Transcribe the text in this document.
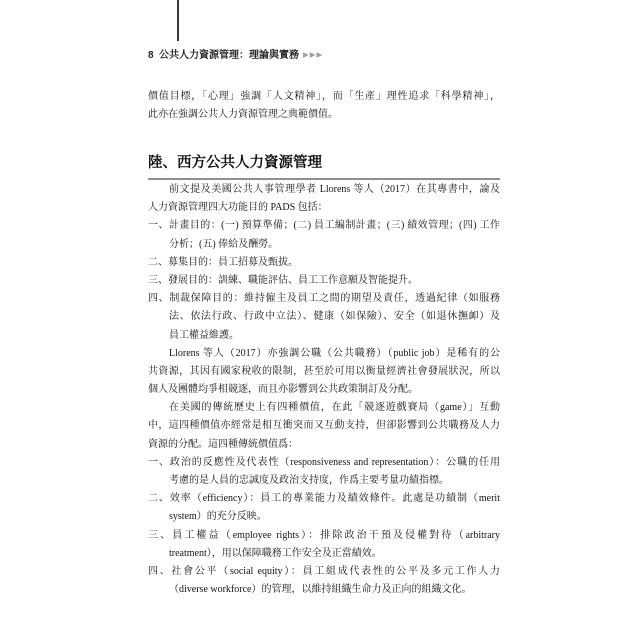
8 公共人力資源管理：理論與實務 ▶▶▶
價值目標，「心理」強調「人文精神」，而「生產」理性追求「科學精神」，
此亦在強調公共人力資源管理之典範價值。
陸、西方公共人力資源管理
前文提及美國公共人事管理學者 Llorens 等人（2017）在其專書中，論及
人力資源管理四大功能目的 PADS 包括：
一、計畫目的：(一) 預算準備；(二) 員工編制計畫；(三) 績效管理；(四) 工作
分析；(五) 俸給及酬勞。
二、募集目的：員工招募及甄拔。
三、發展目的：訓練、職能評估、員工工作意願及智能提升。
四、制裁保障目的：維持僱主及員工之間的期望及責任，透過紀律（如服務
法、依法行政、行政中立法）、健康（如保險）、安全（如退休撫卹）及
員工權益維護。
Llorens 等人（2017）亦強調公職（公共職務）（public job）是稀有的公
共資源，其因有國家稅收的限制，甚至於可用以衡量經濟社會發展狀況，所以
個人及團體均爭相競逐，而且亦影響到公共政策制訂及分配。
在美國的傳統歷史上有四種價值，在此「競逐遊戲賽局（game）」互動
中，這四種價值亦經常是相互衝突而又互動支持，但卻影響到公共職務及人力
資源的分配。這四種傳統價值爲：
一、政治的反應性及代表性（responsiveness and representation）：公職的任用
考慮的是人員的忠誠度及政治支持度，作爲主要考量功績指標。
二、效率（efficiency）：員工的專業能力及績效條件。此處是功績制（merit
system）的充分反映。
三、員工權益（employee rights）：排除政治干預及侵權對待（arbitrary
treatment），用以保障職務工作安全及正當績效。
四、社會公平（social equity）：員工組成代表性的公平及多元工作人力
（diverse workforce）的管理，以維持組織生命力及正向的組織文化。
